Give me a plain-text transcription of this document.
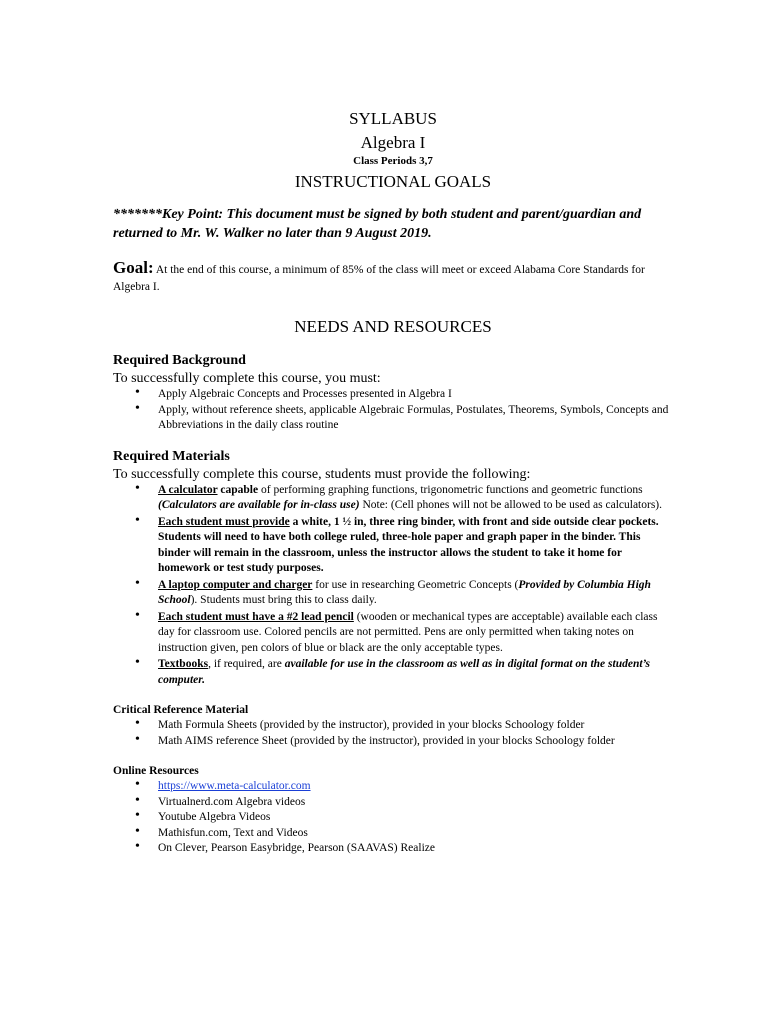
SYLLABUS

Algebra I

Class Periods 3,7

INSTRUCTIONAL GOALS

*******Key Point: This document must be signed by both student and parent/guardian and returned to Mr. W. Walker no later than 9 August 2019.

Goal: At the end of this course, a minimum of 85% of the class will meet or exceed Alabama Core Standards for Algebra I.

NEEDS AND RESOURCES

Required Background

To successfully complete this course, you must:

• Apply Algebraic Concepts and Processes presented in Algebra I
• Apply, without reference sheets, applicable Algebraic Formulas, Postulates, Theorems, Symbols, Concepts and Abbreviations in the daily class routine

Required Materials

To successfully complete this course, students must provide the following:

• A calculator capable of performing graphing functions, trigonometric functions and geometric functions (Calculators are available for in-class use) Note: (Cell phones will not be allowed to be used as calculators).
• Each student must provide a white, 1 ½ in, three ring binder, with front and side outside clear pockets. Students will need to have both college ruled, three-hole paper and graph paper in the binder. This binder will remain in the classroom, unless the instructor allows the student to take it home for homework or test study purposes.
• A laptop computer and charger for use in researching Geometric Concepts (Provided by Columbia High School). Students must bring this to class daily.
• Each student must have a #2 lead pencil (wooden or mechanical types are acceptable) available each class day for classroom use. Colored pencils are not permitted. Pens are only permitted when taking notes on instruction given, pen colors of blue or black are the only acceptable types.
• Textbooks, if required, are available for use in the classroom as well as in digital format on the student’s computer.

Critical Reference Material

• Math Formula Sheets (provided by the instructor), provided in your blocks Schoology folder
• Math AIMS reference Sheet (provided by the instructor), provided in your blocks Schoology folder

Online Resources

• https://www.meta-calculator.com
• Virtualnerd.com Algebra videos
• Youtube Algebra Videos
• Mathisfun.com, Text and Videos
• On Clever, Pearson Easybridge, Pearson (SAAVAS) Realize
